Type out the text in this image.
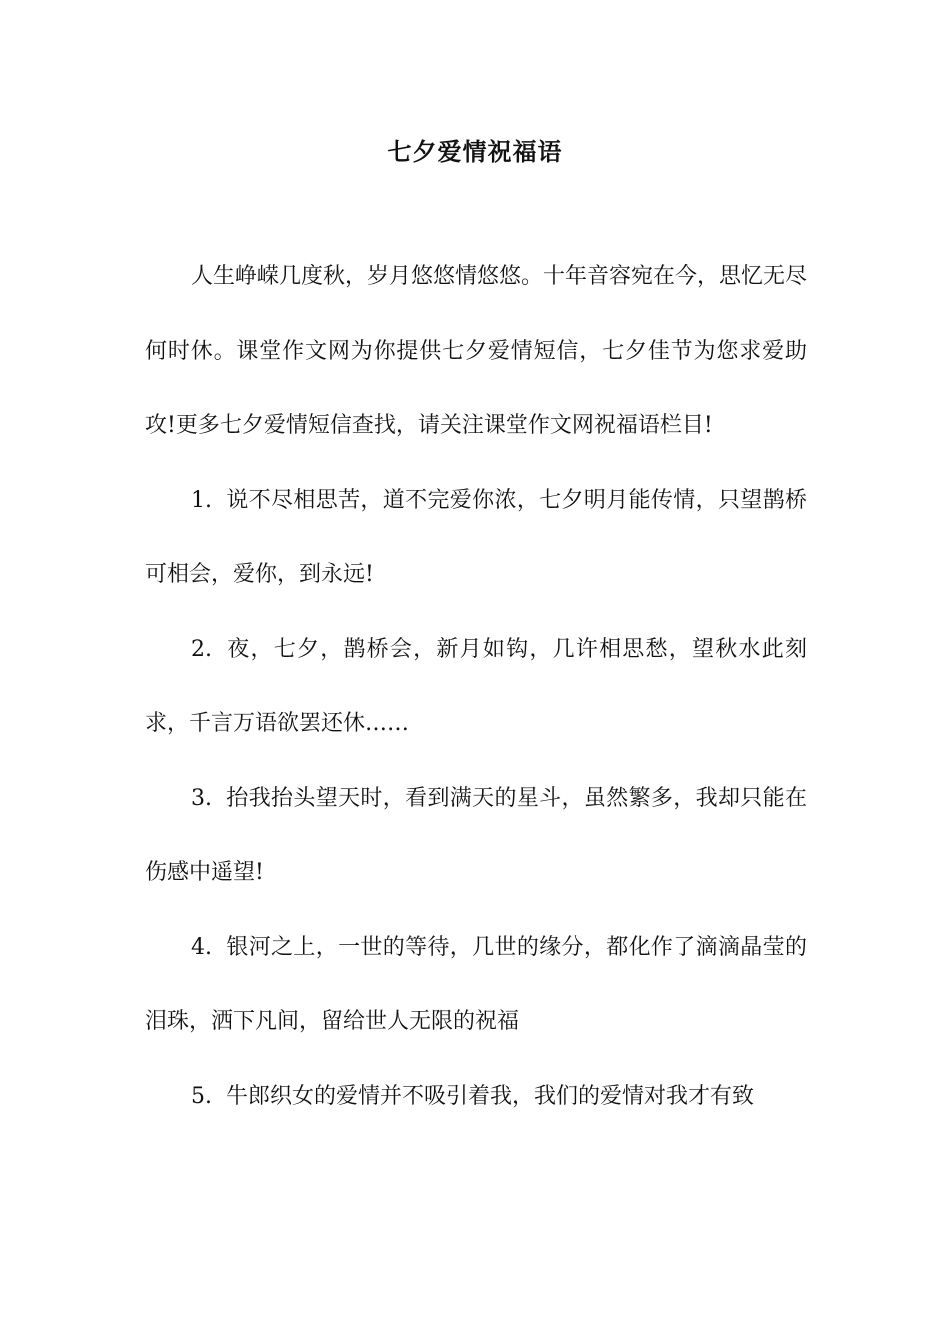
七夕爱情祝福语

人生峥嵘几度秋，岁月悠悠情悠悠。十年音容宛在今，思忆无尽何时休。课堂作文网为你提供七夕爱情短信，七夕佳节为您求爱助攻!更多七夕爱情短信查找，请关注课堂作文网祝福语栏目!

1. 说不尽相思苦，道不完爱你浓，七夕明月能传情，只望鹊桥可相会，爱你，到永远!

2. 夜，七夕，鹊桥会，新月如钩，几许相思愁，望秋水此刻求，千言万语欲罢还休……

3. 抬我抬头望天时，看到满天的星斗，虽然繁多，我却只能在伤感中遥望!

4. 银河之上，一世的等待，几世的缘分，都化作了滴滴晶莹的泪珠，洒下凡间，留给世人无限的祝福

5. 牛郎织女的爱情并不吸引着我，我们的爱情对我才有致
